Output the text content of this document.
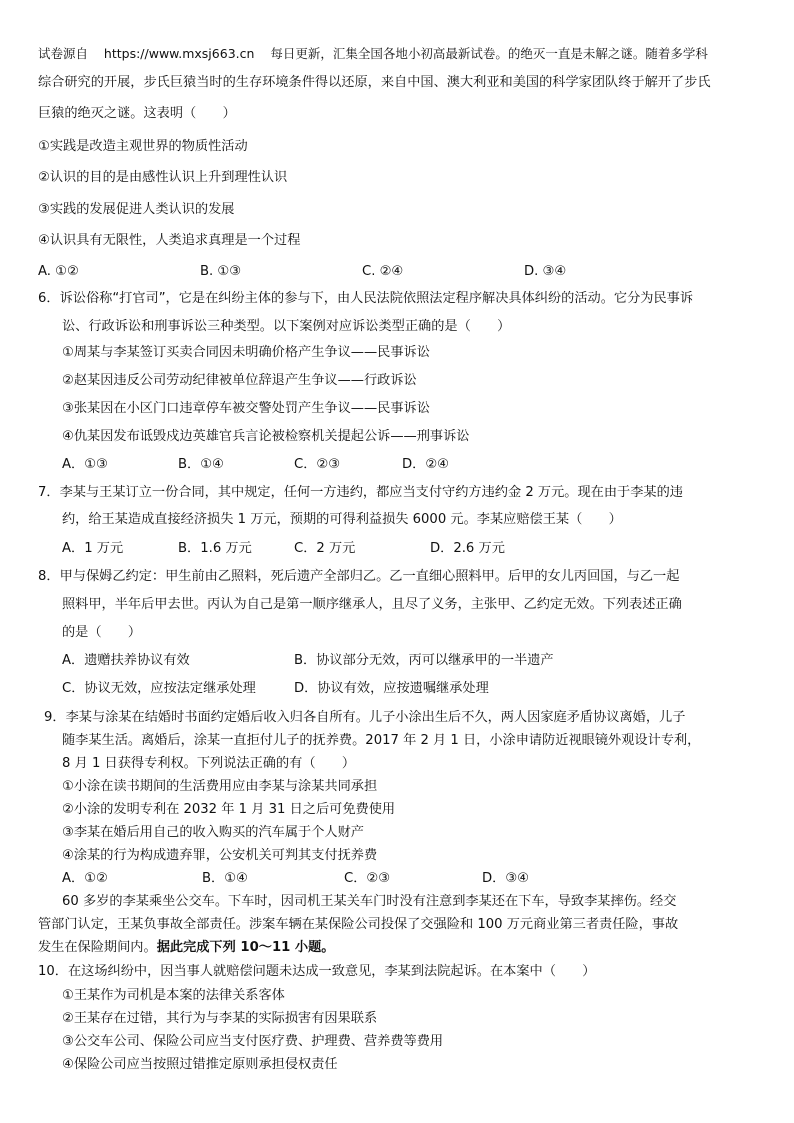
试卷源自 https://www.mxsj663.cn 每日更新，汇集全国各地小初高最新试卷。的绝灭一直是未解之谜。随着多学科
综合研究的开展，步氏巨猿当时的生存环境条件得以还原，来自中国、澳大利亚和美国的科学家团队终于解开了步氏
巨猿的绝灭之谜。这表明（　　）
①实践是改造主观世界的物质性活动
②认识的目的是由感性认识上升到理性认识
③实践的发展促进人类认识的发展
④认识具有无限性，人类追求真理是一个过程
A. ①②	B. ①③	C. ②④	D. ③④
6．诉讼俗称“打官司”，它是在纠纷主体的参与下，由人民法院依照法定程序解决具体纠纷的活动。它分为民事诉
讼、行政诉讼和刑事诉讼三种类型。以下案例对应诉讼类型正确的是（　　）
①周某与李某签订买卖合同因未明确价格产生争议——民事诉讼
②赵某因违反公司劳动纪律被单位辞退产生争议——行政诉讼
③张某因在小区门口违章停车被交警处罚产生争议——民事诉讼
④仇某因发布诋毁戍边英雄官兵言论被检察机关提起公诉——刑事诉讼
A．①③	B．①④	C．②③	D．②④
7．李某与王某订立一份合同，其中规定，任何一方违约，都应当支付守约方违约金 2 万元。现在由于李某的违
约，给王某造成直接经济损失 1 万元，预期的可得利益损失 6000 元。李某应赔偿王某（　　）
A．1 万元	B．1.6 万元	C．2 万元	D．2.6 万元
8．甲与保姆乙约定：甲生前由乙照料，死后遗产全部归乙。乙一直细心照料甲。后甲的女儿丙回国，与乙一起
照料甲，半年后甲去世。丙认为自己是第一顺序继承人，且尽了义务，主张甲、乙约定无效。下列表述正确
的是（　　）
A．遗赠扶养协议有效	B．协议部分无效，丙可以继承甲的一半遗产
C．协议无效，应按法定继承处理	D．协议有效，应按遗嘱继承处理
9．李某与涂某在结婚时书面约定婚后收入归各自所有。儿子小涂出生后不久，两人因家庭矛盾协议离婚，儿子
随李某生活。离婚后，涂某一直拒付儿子的抚养费。2017 年 2 月 1 日，小涂申请防近视眼镜外观设计专利，
8 月 1 日获得专利权。下列说法正确的有（　　）
①小涂在读书期间的生活费用应由李某与涂某共同承担
②小涂的发明专利在 2032 年 1 月 31 日之后可免费使用
③李某在婚后用自己的收入购买的汽车属于个人财产
④涂某的行为构成遗弃罪，公安机关可判其支付抚养费
A．①②	B．①④	C．②③	D．③④
60 多岁的李某乘坐公交车。下车时，因司机王某关车门时没有注意到李某还在下车，导致李某摔伤。经交
管部门认定，王某负事故全部责任。涉案车辆在某保险公司投保了交强险和 100 万元商业第三者责任险，事故
发生在保险期间内。据此完成下列 10～11 小题。
10．在这场纠纷中，因当事人就赔偿问题未达成一致意见，李某到法院起诉。在本案中（　　）
①王某作为司机是本案的法律关系客体
②王某存在过错，其行为与李某的实际损害有因果联系
③公交车公司、保险公司应当支付医疗费、护理费、营养费等费用
④保险公司应当按照过错推定原则承担侵权责任
